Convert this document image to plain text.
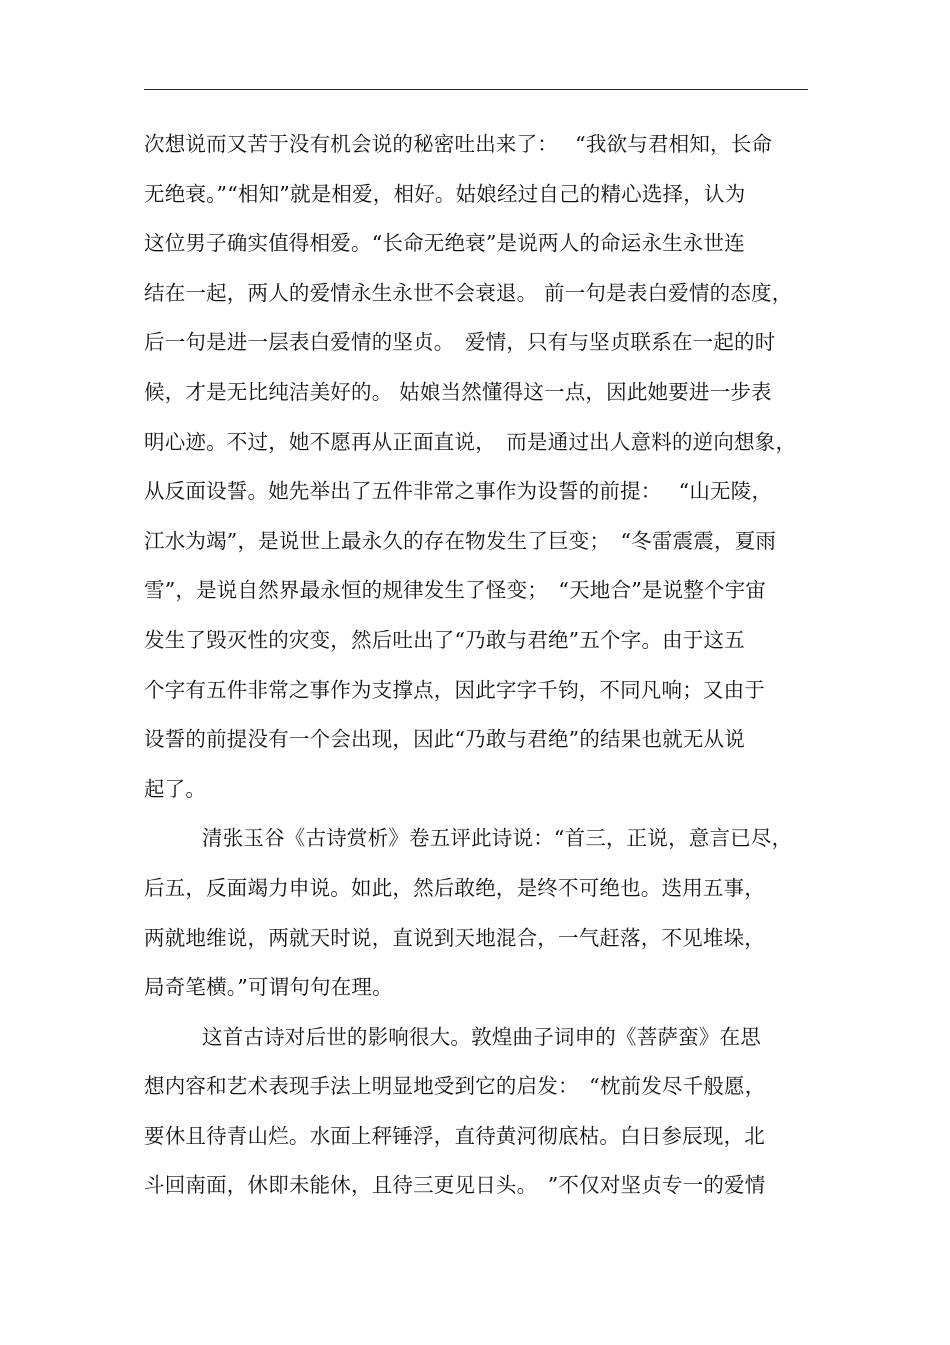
次想说而又苦于没有机会说的秘密吐出来了：　 “我欲与君相知，长命
无绝衰。”“相知”就是相爱，相好。姑娘经过自己的精心选择，认为
这位男子确实值得相爱。“长命无绝衰”是说两人的命运永生永世连
结在一起，两人的爱情永生永世不会衰退。 前一句是表白爱情的态度，
后一句是进一层表白爱情的坚贞。　爱情，只有与坚贞联系在一起的时
候，才是无比纯洁美好的。 姑娘当然懂得这一点，因此她要进一步表
明心迹。不过，她不愿再从正面直说，　而是通过出人意料的逆向想象，
从反面设誓。她先举出了五件非常之事作为设誓的前提：　 “山无陵，
江水为竭”，是说世上最永久的存在物发生了巨变；　“冬雷震震，夏雨
雪”，是说自然界最永恒的规律发生了怪变；　“天地合”是说整个宇宙
发生了毁灭性的灾变，然后吐出了“乃敢与君绝”五个字。由于这五
个字有五件非常之事作为支撑点，因此字字千钧，不同凡响；又由于
设誓的前提没有一个会出现，因此“乃敢与君绝”的结果也就无从说
起了。
清张玉谷《古诗赏析》卷五评此诗说：“首三，正说，意言已尽，
后五，反面竭力申说。如此，然后敢绝，是终不可绝也。迭用五事，
两就地维说，两就天时说，直说到天地混合，一气赶落，不见堆垛，
局奇笔横。”可谓句句在理。
这首古诗对后世的影响很大。敦煌曲子词申的《菩萨蛮》在思
想内容和艺术表现手法上明显地受到它的启发：　“枕前发尽千般愿，
要休且待青山烂。水面上秤锤浮，直待黄河彻底枯。白日参辰现，北
斗回南面，休即未能休，且待三更见日头。　”不仅对坚贞专一的爱情
